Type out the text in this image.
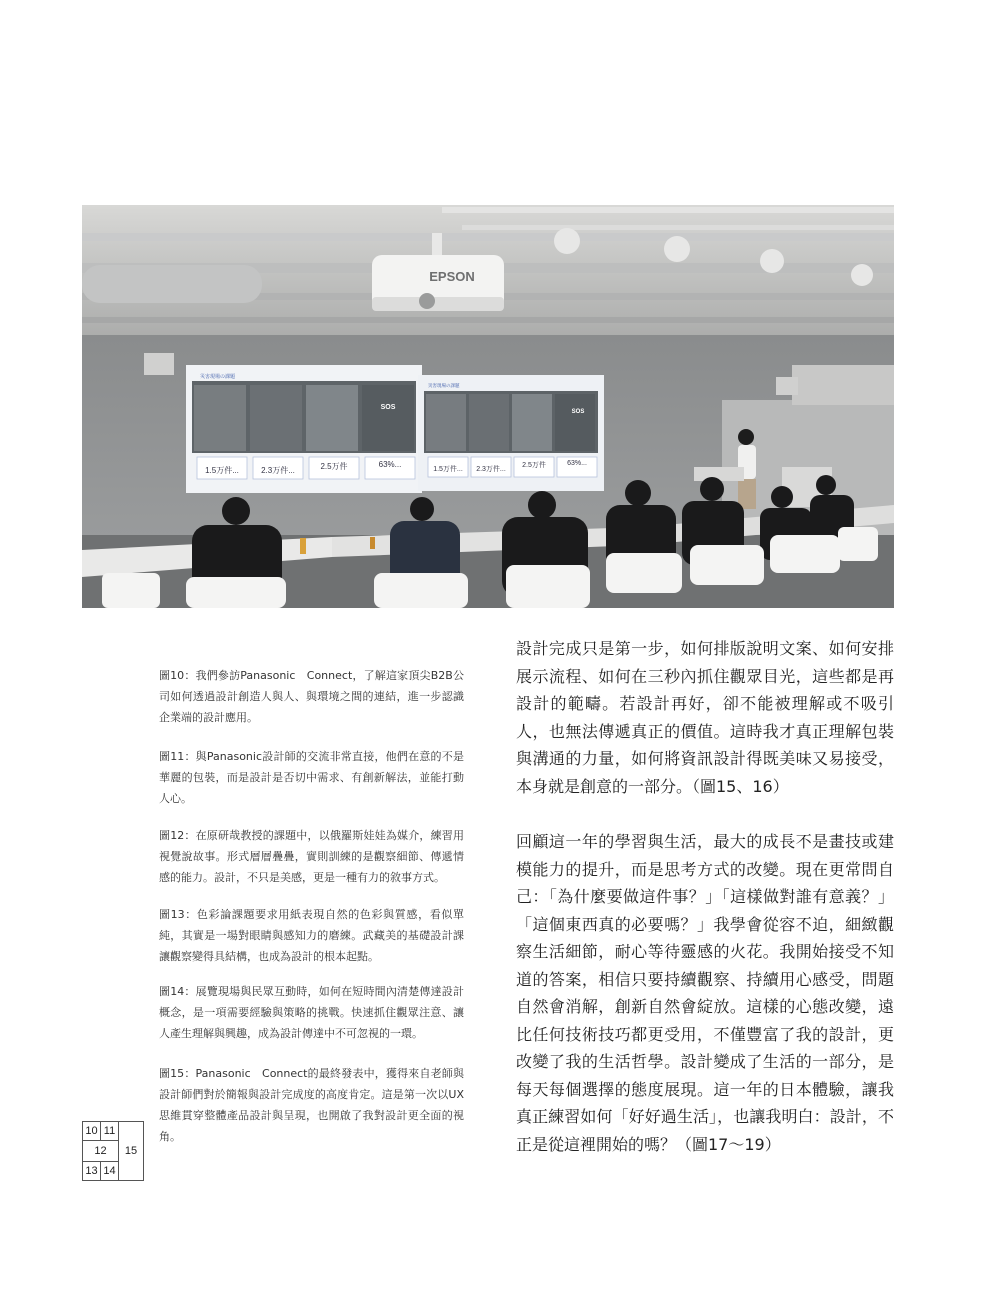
EPSON
災害現場の課題
1.5万件...	2.3万件...	2.5万件	63%...
SOS
災害現場の課題
1.5万件... 2.3万件...
2.5万件	63%...
SOS

圖10：我們參訪Panasonic　Connect，了解這家頂尖B2B公司如何透過設計創造人與人、與環境之間的連結，進一步認識企業端的設計應用。

圖11：與Panasonic設計師的交流非常直接，他們在意的不是華麗的包裝，而是設計是否切中需求、有創新解法，並能打動人心。

圖12：在原研哉教授的課題中，以俄羅斯娃娃為媒介，練習用視覺說故事。形式層層疊疊，實則訓練的是觀察細節、傳遞情感的能力。設計，不只是美感，更是一種有力的敘事方式。

圖13：色彩論課題要求用紙表現自然的色彩與質感，看似單純，其實是一場對眼睛與感知力的磨練。武藏美的基礎設計課讓觀察變得具結構，也成為設計的根本起點。

圖14：展覽現場與民眾互動時，如何在短時間內清楚傳達設計概念，是一項需要經驗與策略的挑戰。快速抓住觀眾注意、讓人產生理解與興趣，成為設計傳達中不可忽視的一環。

圖15：Panasonic　Connect的最終發表中，獲得來自老師與設計師們對於簡報與設計完成度的高度肯定。這是第一次以UX思維貫穿整體產品設計與呈現，也開啟了我對設計更全面的視角。

設計完成只是第一步，如何排版說明文案、如何安排展示流程、如何在三秒內抓住觀眾目光，這些都是再設計的範疇。若設計再好，卻不能被理解或不吸引人，也無法傳遞真正的價值。這時我才真正理解包裝與溝通的力量，如何將資訊設計得既美味又易接受，本身就是創意的一部分。（圖15、16）

回顧這一年的學習與生活，最大的成長不是畫技或建模能力的提升，而是思考方式的改變。現在更常問自己：「為什麼要做這件事？」「這樣做對誰有意義？」「這個東西真的必要嗎？」我學會從容不迫，細緻觀察生活細節，耐心等待靈感的火花。我開始接受不知道的答案，相信只要持續觀察、持續用心感受，問題自然會消解，創新自然會綻放。這樣的心態改變，遠比任何技術技巧都更受用，不僅豐富了我的設計，更改變了我的生活哲學。設計變成了生活的一部分，是每天每個選擇的態度展現。這一年的日本體驗，讓我真正練習如何「好好過生活」，也讓我明白：設計，不正是從這裡開始的嗎？（圖17～19）

10 11
12
13 14
15
